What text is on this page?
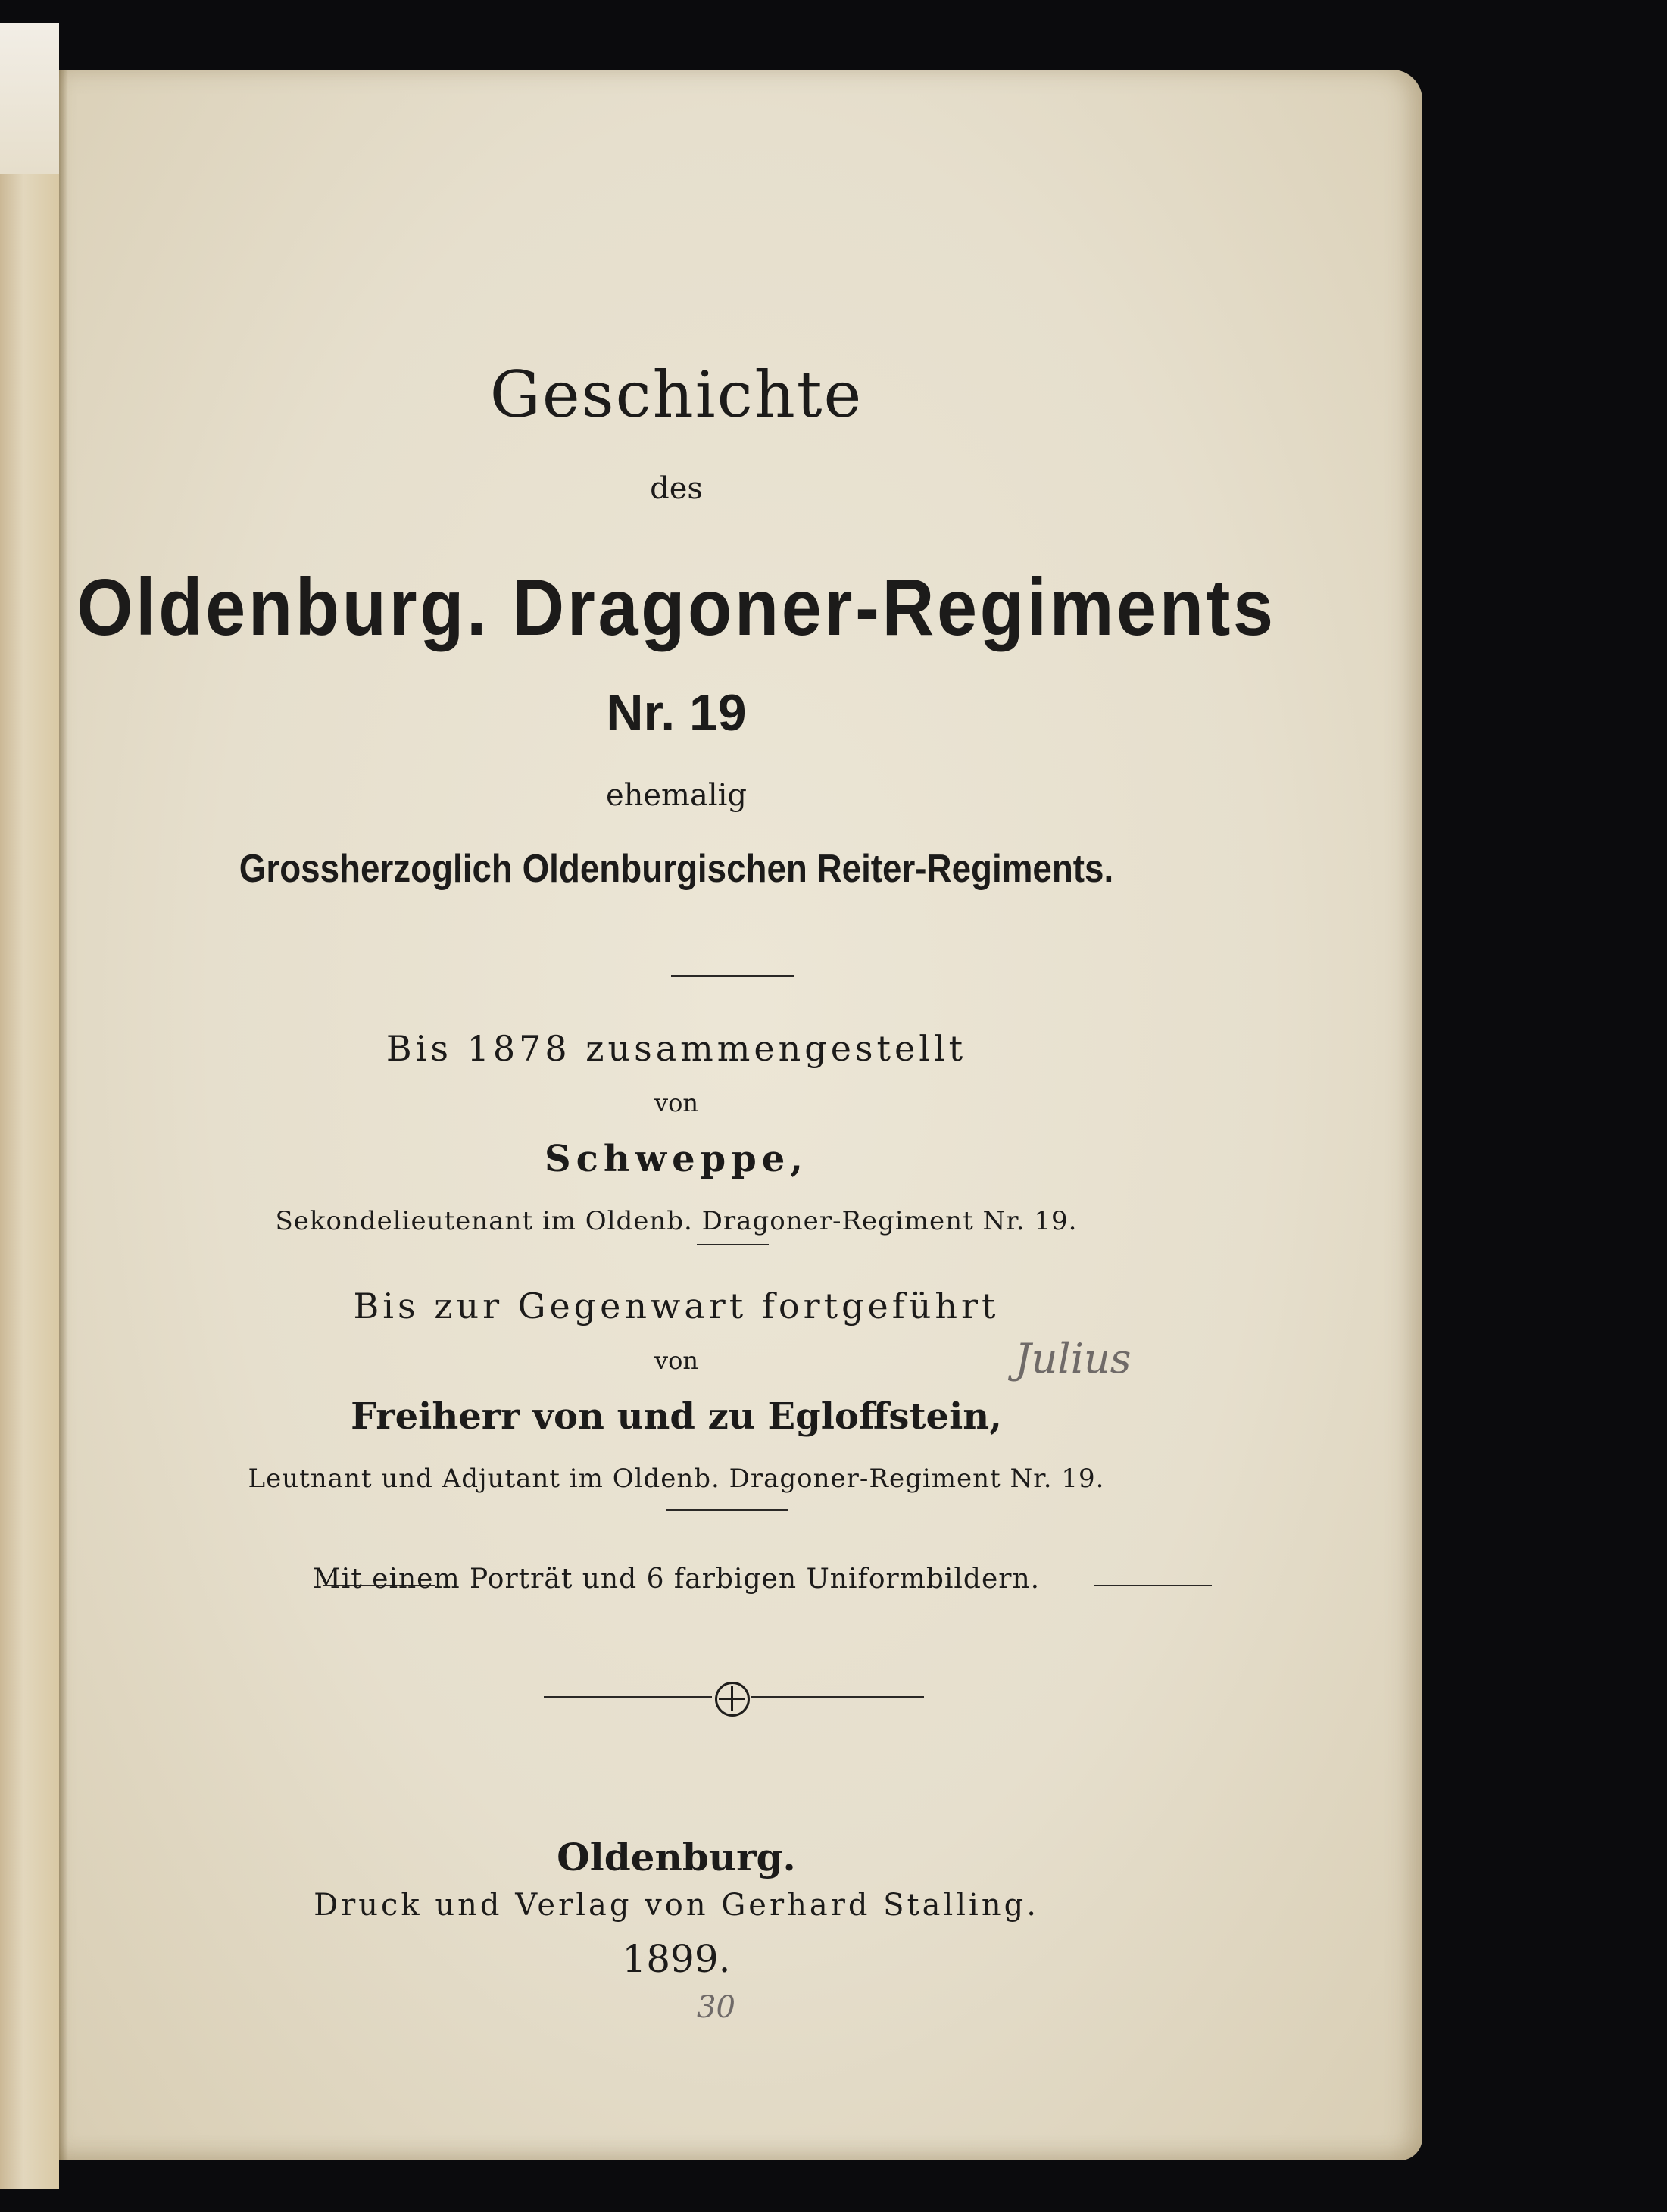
Geschichte
des
Oldenburg. Dragoner-Regiments
Nr. 19
ehemalig
Grossherzoglich Oldenburgischen Reiter-Regiments.
Bis 1878 zusammengestellt
von
Schweppe,
Sekondelieutenant im Oldenb. Dragoner-Regiment Nr. 19.
Bis zur Gegenwart fortgeführt
von
Freiherr von und zu Egloffstein,
Leutnant und Adjutant im Oldenb. Dragoner-Regiment Nr. 19.
Mit einem Porträt und 6 farbigen Uniformbildern.
Oldenburg.
Druck und Verlag von Gerhard Stalling.
1899.
Julius
30
